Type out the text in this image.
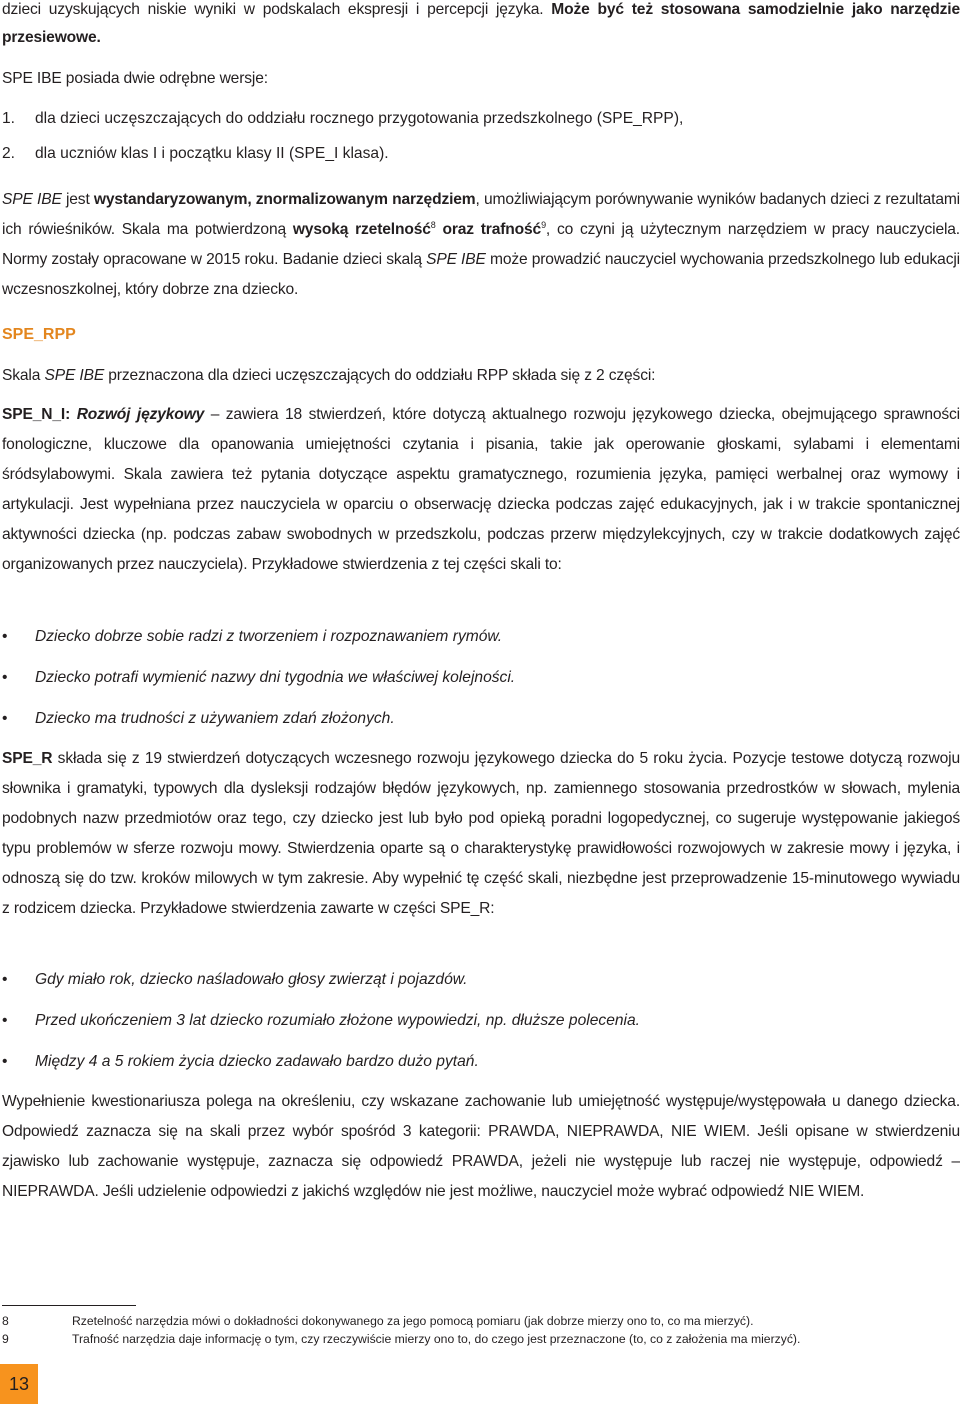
dzieci uzyskujących niskie wyniki w podskalach ekspresji i percepcji języka. Może być też stosowana samodzielnie jako narzędzie przesiewowe.

SPE IBE posiada dwie odrębne wersje:

1. dla dzieci uczęszczających do oddziału rocznego przygotowania przedszkolnego (SPE_RPP),
2. dla uczniów klas I i początku klasy II (SPE_I klasa).

SPE IBE jest wystandaryzowanym, znormalizowanym narzędziem, umożliwiającym porównywanie wyników badanych dzieci z rezultatami ich rówieśników. Skala ma potwierdzoną wysoką rzetelność$^8$ oraz trafność$^9$, co czyni ją użytecznym narzędziem w pracy nauczyciela. Normy zostały opracowane w 2015 roku. Badanie dzieci skalą SPE IBE może prowadzić nauczyciel wychowania przedszkolnego lub edukacji wczesnoszkolnej, który dobrze zna dziecko.

SPE_RPP

Skala SPE IBE przeznaczona dla dzieci uczęszczających do oddziału RPP składa się z 2 części:

SPE_N_I: Rozwój językowy – zawiera 18 stwierdzeń, które dotyczą aktualnego rozwoju językowego dziecka, obejmującego sprawności fonologiczne, kluczowe dla opanowania umiejętności czytania i pisania, takie jak operowanie głoskami, sylabami i elementami śródsylabowymi. Skala zawiera też pytania dotyczące aspektu gramatycznego, rozumienia języka, pamięci werbalnej oraz wymowy i artykulacji. Jest wypełniana przez nauczyciela w oparciu o obserwację dziecka podczas zajęć edukacyjnych, jak i w trakcie spontanicznej aktywności dziecka (np. podczas zabaw swobodnych w przedszkolu, podczas przerw międzylekcyjnych, czy w trakcie dodatkowych zajęć organizowanych przez nauczyciela). Przykładowe stwierdzenia z tej części skali to:

• Dziecko dobrze sobie radzi z tworzeniem i rozpoznawaniem rymów.
• Dziecko potrafi wymienić nazwy dni tygodnia we właściwej kolejności.
• Dziecko ma trudności z używaniem zdań złożonych.

SPE_R składa się z 19 stwierdzeń dotyczących wczesnego rozwoju językowego dziecka do 5 roku życia. Pozycje testowe dotyczą rozwoju słownika i gramatyki, typowych dla dysleksji rodzajów błędów językowych, np. zamiennego stosowania przedrostków w słowach, mylenia podobnych nazw przedmiotów oraz tego, czy dziecko jest lub było pod opieką poradni logopedycznej, co sugeruje występowanie jakiegoś typu problemów w sferze rozwoju mowy. Stwierdzenia oparte są o charakterystykę prawidłowości rozwojowych w zakresie mowy i języka, i odnoszą się do tzw. kroków milowych w tym zakresie. Aby wypełnić tę część skali, niezbędne jest przeprowadzenie 15-minutowego wywiadu z rodzicem dziecka. Przykładowe stwierdzenia zawarte w części SPE_R:

• Gdy miało rok, dziecko naśladowało głosy zwierząt i pojazdów.
• Przed ukończeniem 3 lat dziecko rozumiało złożone wypowiedzi, np. dłuższe polecenia.
• Między 4 a 5 rokiem życia dziecko zadawało bardzo dużo pytań.

Wypełnienie kwestionariusza polega na określeniu, czy wskazane zachowanie lub umiejętność występuje/występowała u danego dziecka. Odpowiedź zaznacza się na skali przez wybór spośród 3 kategorii: PRAWDA, NIEPRAWDA, NIE WIEM. Jeśli opisane w stwierdzeniu zjawisko lub zachowanie występuje, zaznacza się odpowiedź PRAWDA, jeżeli nie występuje lub raczej nie występuje, odpowiedź – NIEPRAWDA. Jeśli udzielenie odpowiedzi z jakichś względów nie jest możliwe, nauczyciel może wybrać odpowiedź NIE WIEM.

8	Rzetelność narzędzia mówi o dokładności dokonywanego za jego pomocą pomiaru (jak dobrze mierzy ono to, co ma mierzyć).
9	Trafność narzędzia daje informację o tym, czy rzeczywiście mierzy ono to, do czego jest przeznaczone (to, co z założenia ma mierzyć).
13
